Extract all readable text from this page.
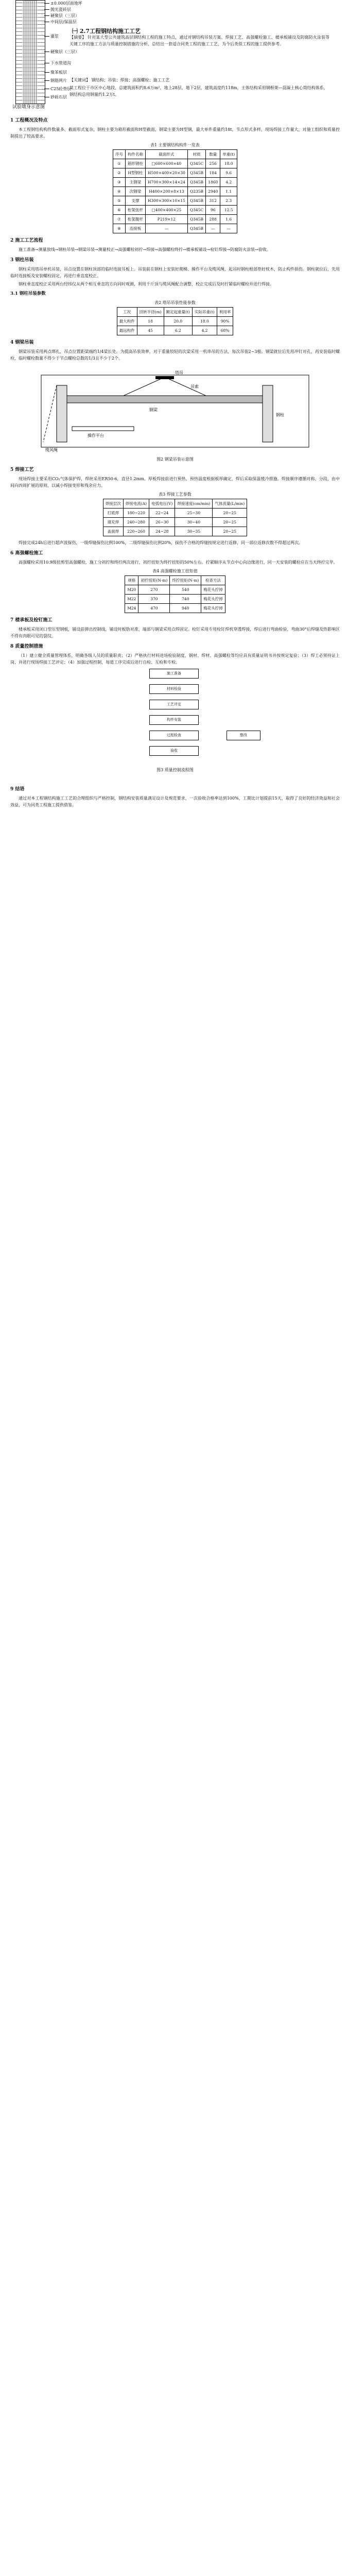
±0.000层面地坪
抛光瓷砖层
硬聚层（三层）
中间层/保温层
灌浆
硬聚层（三层）
下水管道沟
聚苯板层
钢筋网片
C25砼垫层
砂砾石层
试验墩身示意图
㈠ 2.7工程钢结构施工工艺
【摘要】 针对某大型公共建筑高层钢结构工程的施工特点，通过对钢结构吊装方案、焊接工艺、高强螺栓施工、楼承板铺设及防腐防火涂装等关键工序的施工方法与质量控制措施的分析，总结出一套适合同类工程的施工工艺，为今后类似工程的施工提供参考。
【关键词】 钢结构；吊装；焊接；高强螺栓；施工工艺
某工程位于市区中心地段，总建筑面积约8.6万m²，地上28层，地下2层，建筑高度约118m，主体结构采用钢框架—混凝土核心筒结构体系，钢结构总用钢量约1.2万t。
1 工程概况及特点

本工程钢结构构件数量多、截面形式复杂，钢柱主要为箱形截面和H型截面，钢梁主要为H型钢，最大单件重量约18t，节点形式多样，现场焊接工作量大，对施工组织和质量控制提出了较高要求。

表1 主要钢结构构件一览表
序号	构件名称	截面形式	材质	数量	单重(t)
①	箱形钢柱	□600×600×40	Q345C	256	18.0
②	H型钢柱	H500×400×20×30	Q345B	184	9.6
③	主钢梁	H700×300×14×24	Q345B	1860	4.2
④	次钢梁	H400×200×8×13	Q235B	2940	1.1
⑤	支撑	H300×300×10×15	Q345B	312	2.3
⑥	桁架弦杆	□400×400×25	Q345C	96	12.5
⑦	桁架腹杆	P219×12	Q345B	288	1.6
⑧	连接板	—	Q345B	—	—
2 施工工艺流程

施工准备→测量放线→钢柱吊装→钢梁吊装→测量校正→高强螺栓初拧→焊接→高强螺栓终拧→楼承板铺设→栓钉焊接→防腐防火涂装→验收。

3 钢柱吊装

钢柱采用塔吊单机吊装，吊点设置在钢柱顶部的临时连接耳板上。吊装前在钢柱上安装好爬梯、操作平台及缆风绳，起吊时钢柱根部垫好枕木，防止构件损伤。钢柱就位后，先用临时连接板及安装螺栓固定，再进行垂直度校正。

钢柱垂直度校正采用两台经纬仪从两个相互垂直的方向同时观测，利用千斤顶与缆风绳配合调整，校正完成后及时拧紧临时螺栓并进行焊接。

3.1 钢柱吊装参数
表2 塔吊吊装性能参数
工况	回转半径(m)	额定起重量(t)	实际吊重(t)	利用率
最大构件	18	20.0	18.0	90%
最远构件	45	6.2	4.2	68%
4 钢梁吊装

钢梁吊装采用两点绑扎，吊点位置距梁端约1/4梁长处。为提高吊装效率，对于重量较轻的次梁采用一机串吊的方法，每次吊装2~3根。钢梁就位后先用冲钉对孔，再安装临时螺栓，临时螺栓数量不得少于节点螺栓总数的1/3且不少于2个。

塔吊
吊索
钢梁
钢柱
操作平台
缆风绳
图2 钢梁吊装示意图
5 焊接工艺

现场焊接主要采用CO₂气体保护焊，焊丝采用ER50-6，直径1.2mm。厚板焊接前进行预热，预热温度根据板厚确定，焊后采取保温缓冷措施。焊接顺序遵循对称、分段、由中间向四周扩展的原则，以减小焊接变形和残余应力。

表3 焊接工艺参数
焊接层次	焊接电流(A)	电弧电压(V)	焊接速度(cm/min)	气体流量(L/min)
打底焊	180~220	22~24	25~30	20~25
填充焊	240~280	26~30	30~40	20~25
盖面焊	220~260	24~28	30~35	20~25

焊接完成24h后进行超声波探伤，一级焊缝探伤比例100%，二级焊缝探伤比例20%，探伤不合格的焊缝按规定进行返修，同一部位返修次数不得超过两次。

6 高强螺栓施工

高强螺栓采用10.9级扭剪型高强螺栓，施工分初拧和终拧两次进行，初拧扭矩为终拧扭矩的50%左右。拧紧顺序从节点中心向边缘进行，同一天安装的螺栓应在当天终拧完毕。

表4 高强螺栓施工扭矩值
规格	初拧扭矩(N·m)	终拧扭矩(N·m)	检查方法
M20	270	540	梅花头拧掉
M22	370	740	梅花头拧掉
M24	470	940	梅花头拧掉
7 楼承板及栓钉施工

楼承板采用闭口型压型钢板，铺设前弹出控制线，铺设时板肋对准，端部与钢梁采用点焊固定。栓钉采用专用栓钉焊机穿透焊接，焊后进行弯曲检验，弯曲30°后焊缝及热影响区不得有肉眼可见的裂纹。

8 质量控制措施

（1）建立健全质量管理体系，明确各级人员的质量职责；（2）严格执行材料进场检验制度，钢材、焊材、高强螺栓等均应具有质量证明书并按规定复验；（3）焊工必须持证上岗，并进行现场焊接工艺评定；（4）加强过程控制，每道工序完成后进行自检、互检和专检。

施工准备
材料检验
工艺评定
构件安装
过程检查	整改
验收
图3 质量控制流程图
9 结语

通过对本工程钢结构施工工艺的合理组织与严格控制，钢结构安装质量满足设计及规范要求，一次验收合格率达到100%，工期比计划提前15天，取得了良好的经济效益和社会效益，可为同类工程施工提供借鉴。
